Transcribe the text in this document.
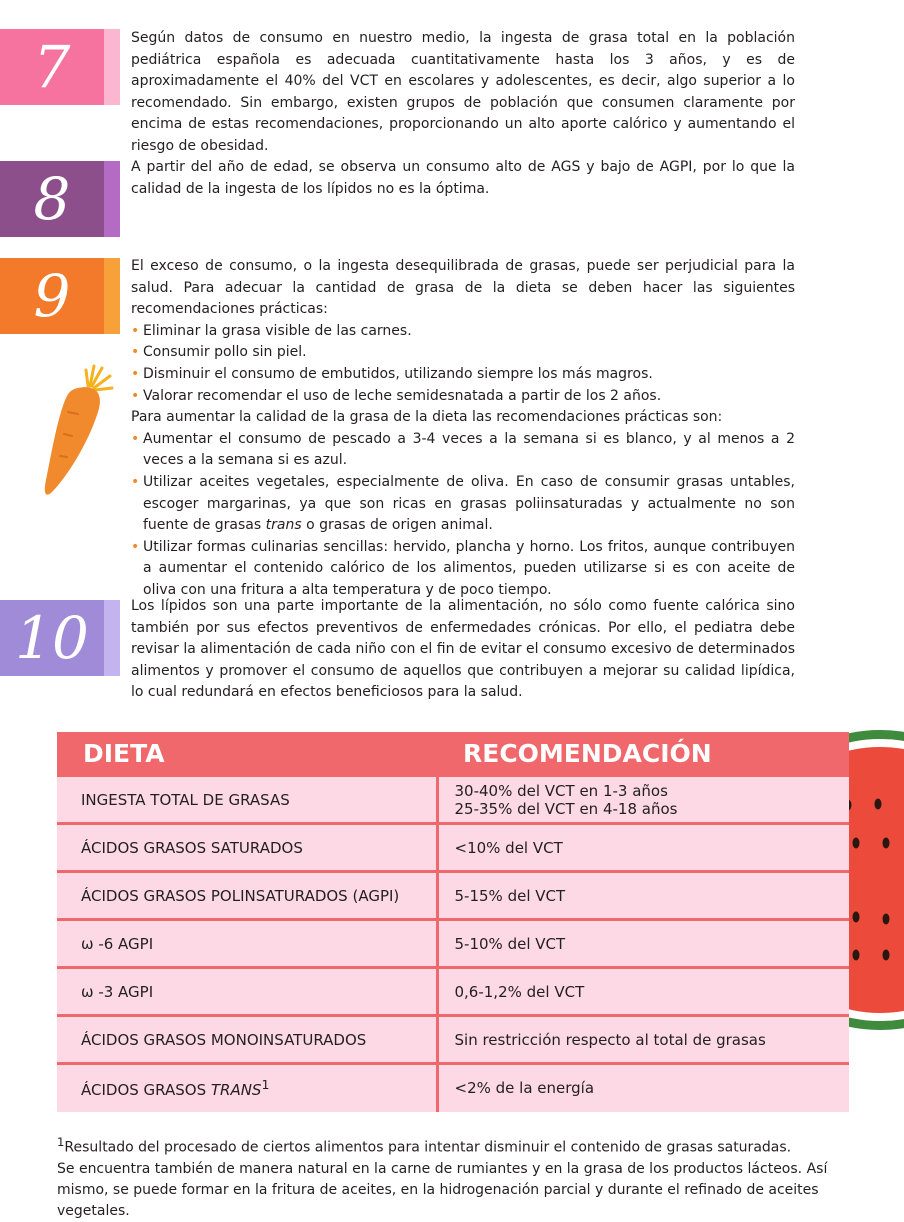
7	Según datos de consumo en nuestro medio, la ingesta de grasa total en la población pediátrica española es adecuada cuantitativamente hasta los 3 años, y es de aproximadamente el 40% del VCT en escolares y adolescentes, es decir, algo superior a lo recomendado. Sin embargo, existen grupos de población que consumen claramente por encima de estas recomendaciones, proporcionando un alto aporte calórico y aumentando el riesgo de obesidad.

8	A partir del año de edad, se observa un consumo alto de AGS y bajo de AGPI, por lo que la calidad de la ingesta de los lípidos no es la óptima.

9	El exceso de consumo, o la ingesta desequilibrada de grasas, puede ser perjudicial para la salud. Para adecuar la cantidad de grasa de la dieta se deben hacer las siguientes recomendaciones prácticas:

• Eliminar la grasa visible de las carnes.
• Consumir pollo sin piel.
• Disminuir el consumo de embutidos, utilizando siempre los más magros.
• Valorar recomendar el uso de leche semidesnatada a partir de los 2 años.

Para aumentar la calidad de la grasa de la dieta las recomendaciones prácticas son:

• Aumentar el consumo de pescado a 3-4 veces a la semana si es blanco, y al menos a 2 veces a la semana si es azul.
• Utilizar aceites vegetales, especialmente de oliva. En caso de consumir grasas untables, escoger margarinas, ya que son ricas en grasas poliinsaturadas y actualmente no son fuente de grasas trans o grasas de origen animal.
• Utilizar formas culinarias sencillas: hervido, plancha y horno. Los fritos, aunque contribuyen a aumentar el contenido calórico de los alimentos, pueden utilizarse si es con aceite de oliva con una fritura a alta temperatura y de poco tiempo.
10	Los lípidos son una parte importante de la alimentación, no sólo como fuente calórica sino también por sus efectos preventivos de enfermedades crónicas. Por ello, el pediatra debe revisar la alimentación de cada niño con el fin de evitar el consumo excesivo de determinados alimentos y promover el consumo de aquellos que contribuyen a mejorar su calidad lipídica, lo cual redundará en efectos beneficiosos para la salud.

DIETA	RECOMENDACIÓN
INGESTA TOTAL DE GRASAS	30-40% del VCT en 1-3 años
25-35% del VCT en 4-18 años

ÁCIDOS GRASOS SATURADOS	<10% del VCT
ÁCIDOS GRASOS POLINSATURADOS (AGPI)	5-15% del VCT
ω -6 AGPI	5-10% del VCT
ω -3 AGPI	0,6-1,2% del VCT
ÁCIDOS GRASOS MONOINSATURADOS	Sin restricción respecto al total de grasas
ÁCIDOS GRASOS $TRANS^1$	<2% de la energía
$^1$Resultado del procesado de ciertos alimentos para intentar disminuir el contenido de grasas saturadas.
Se encuentra también de manera natural en la carne de rumiantes y en la grasa de los productos lácteos. Así mismo, se puede formar en la fritura de aceites, en la hidrogenación parcial y durante el refinado de aceites vegetales.
